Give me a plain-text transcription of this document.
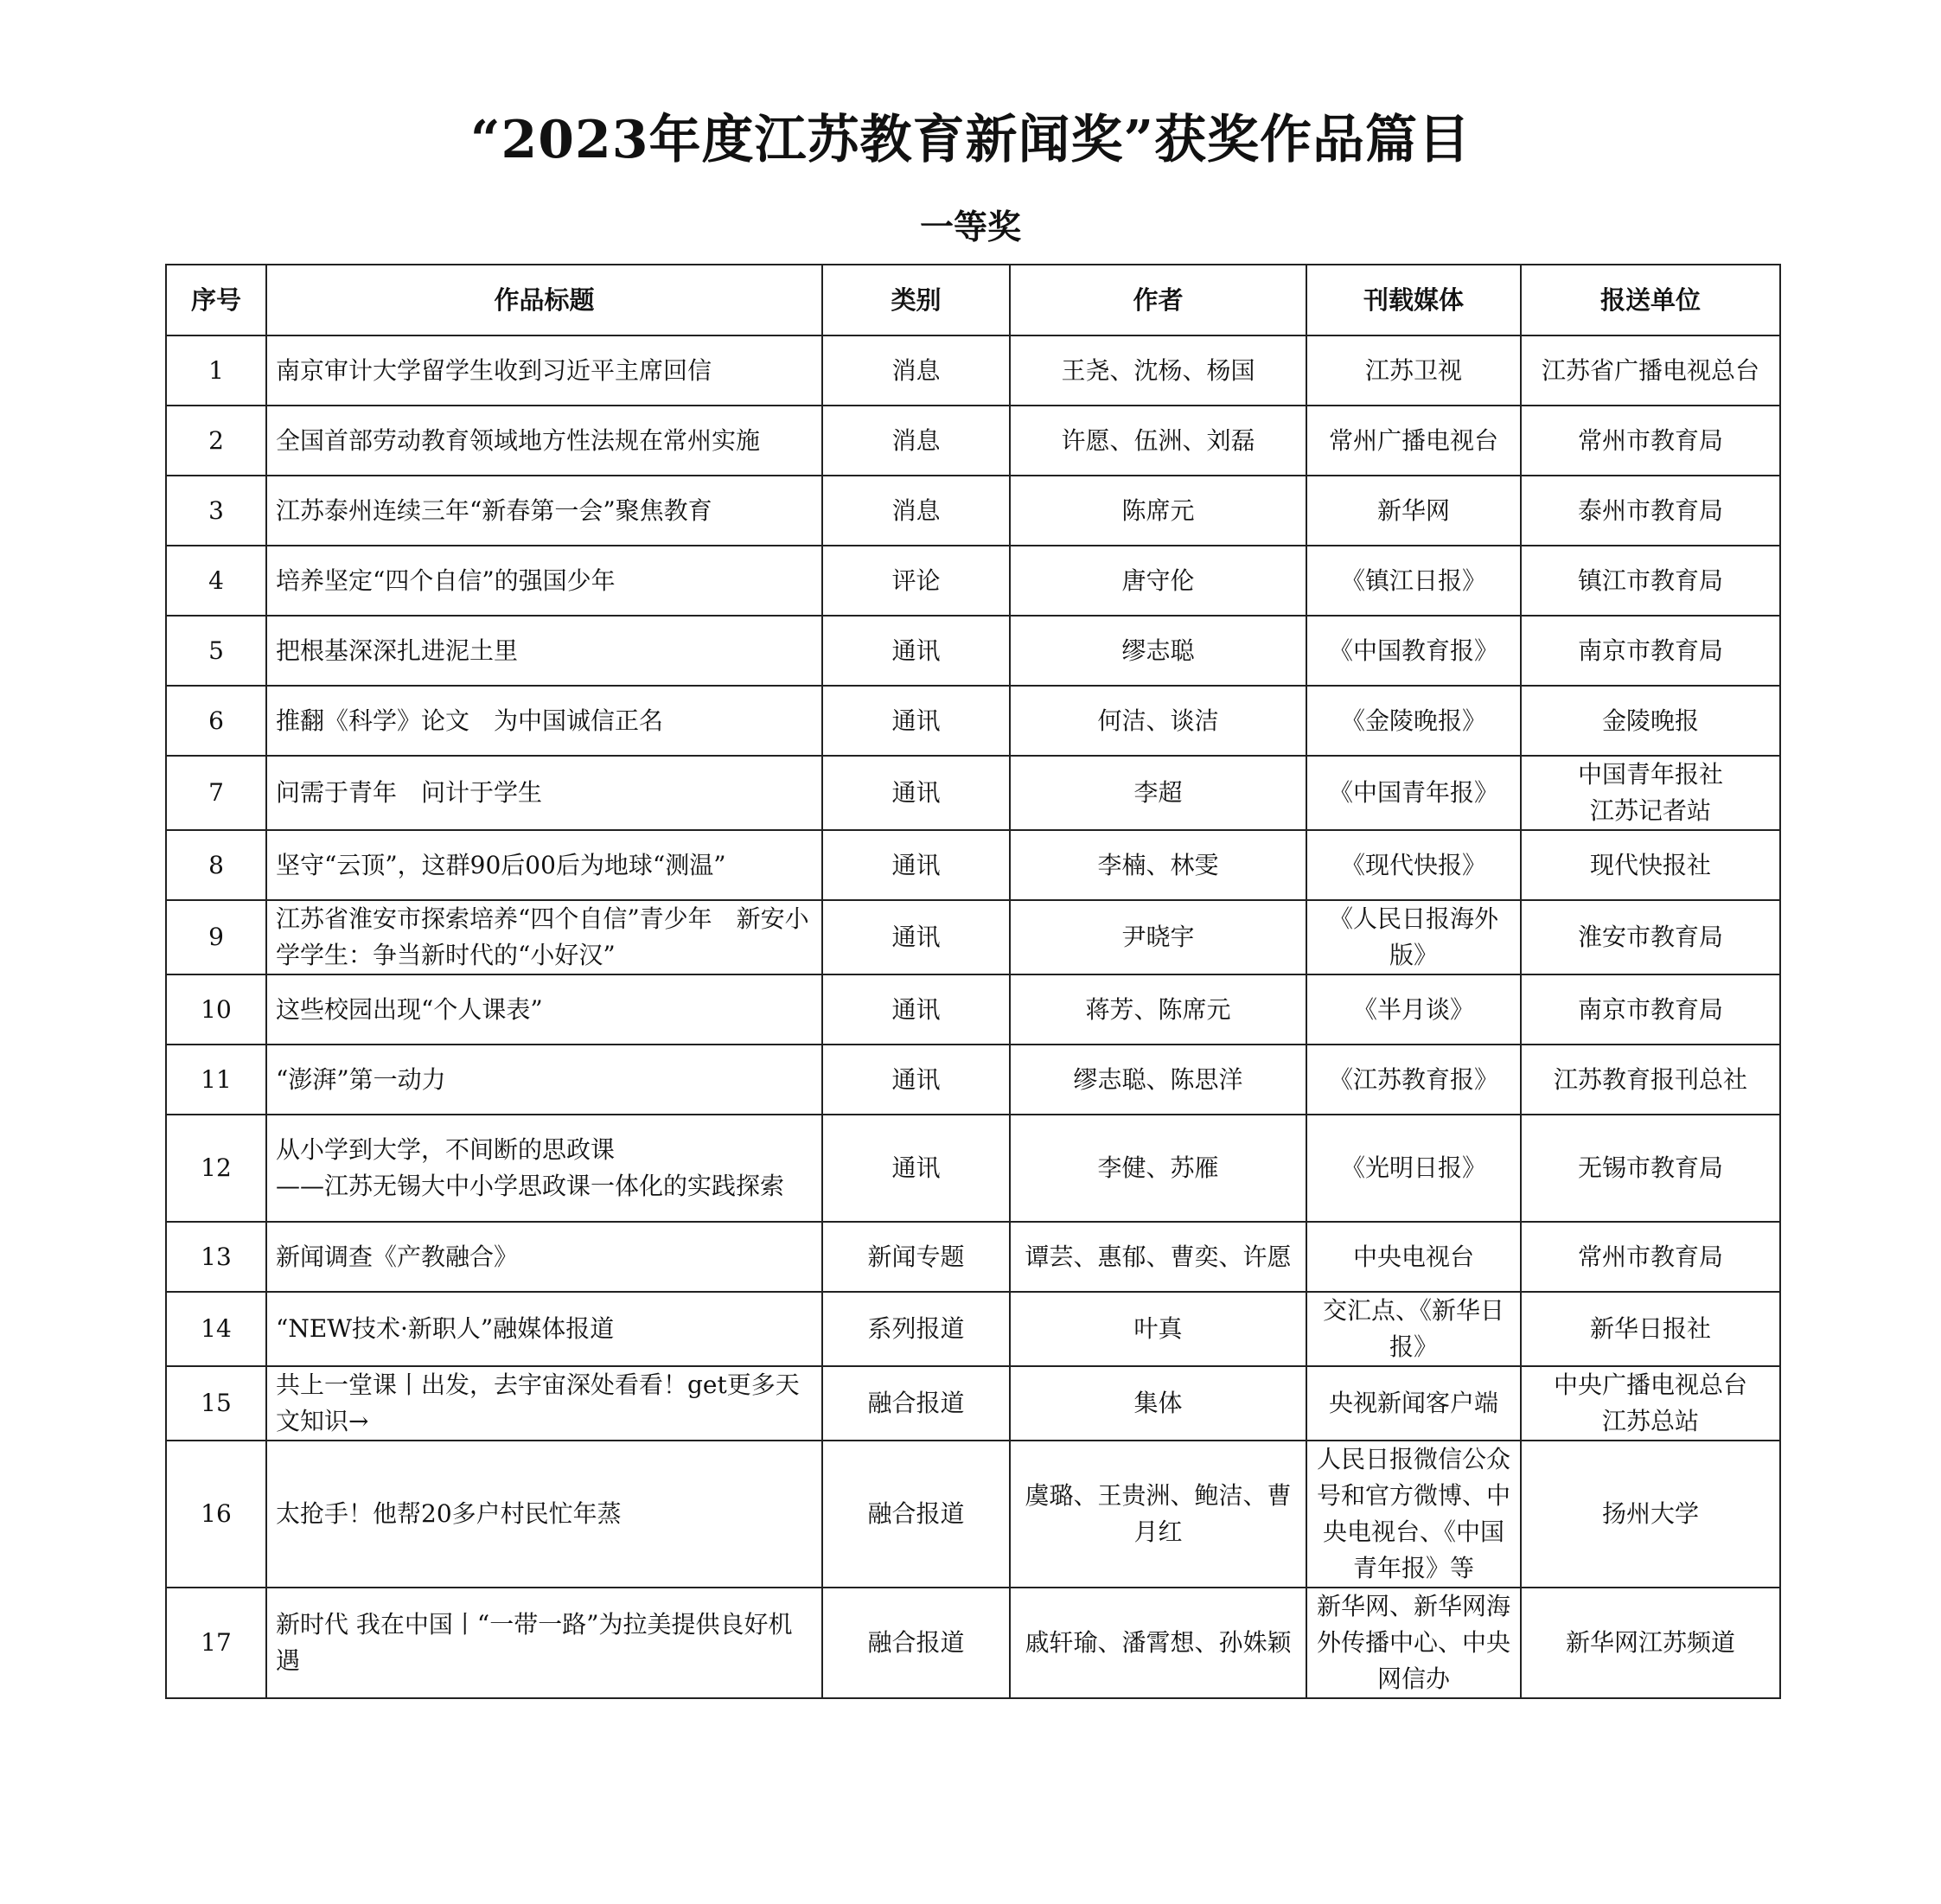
“2023年度江苏教育新闻奖”获奖作品篇目
一等奖
序号	作品标题	类别	作者	刊载媒体	报送单位
1	南京审计大学留学生收到习近平主席回信	消息	王尧、沈杨、杨国	江苏卫视	江苏省广播电视总台
2	全国首部劳动教育领域地方性法规在常州实施	消息	许愿、伍洲、刘磊	常州广播电视台	常州市教育局
3	江苏泰州连续三年“新春第一会”聚焦教育	消息	陈席元	新华网	泰州市教育局
4	培养坚定“四个自信”的强国少年	评论	唐守伦	《镇江日报》	镇江市教育局
5	把根基深深扎进泥土里	通讯	缪志聪	《中国教育报》	南京市教育局
6	推翻《科学》论文　为中国诚信正名	通讯	何洁、谈洁	《金陵晚报》	金陵晚报
7	问需于青年　问计于学生	通讯	李超	《中国青年报》	中国青年报社
江苏记者站
8	坚守“云顶”，这群90后00后为地球“测温”	通讯	李楠、林雯	《现代快报》	现代快报社
9	江苏省淮安市探索培养“四个自信”青少年　新安小学学生：争当新时代的“小好汉”	通讯	尹晓宇	《人民日报海外版》	淮安市教育局
10	这些校园出现“个人课表”	通讯	蒋芳、陈席元	《半月谈》	南京市教育局
11	“澎湃”第一动力	通讯	缪志聪、陈思洋	《江苏教育报》	江苏教育报刊总社
12	从小学到大学，不间断的思政课
——江苏无锡大中小学思政课一体化的实践探索	通讯	李健、苏雁	《光明日报》	无锡市教育局
13	新闻调查《产教融合》	新闻专题	谭芸、惠郁、曹奕、许愿	中央电视台	常州市教育局
14	“NEW技术·新职人”融媒体报道	系列报道	叶真	交汇点、《新华日报》	新华日报社
15	共上一堂课丨出发，去宇宙深处看看！get更多天文知识→	融合报道	集体	央视新闻客户端	中央广播电视总台
江苏总站
16	太抢手！他帮20多户村民忙年蒸	融合报道	虞璐、王贵洲、鲍洁、曹月红	人民日报微信公众号和官方微博、中央电视台、《中国青年报》等	扬州大学
17	新时代 我在中国丨“一带一路”为拉美提供良好机遇	融合报道	戚轩瑜、潘霄想、孙姝颖	新华网、新华网海外传播中心、中央网信办	新华网江苏频道
